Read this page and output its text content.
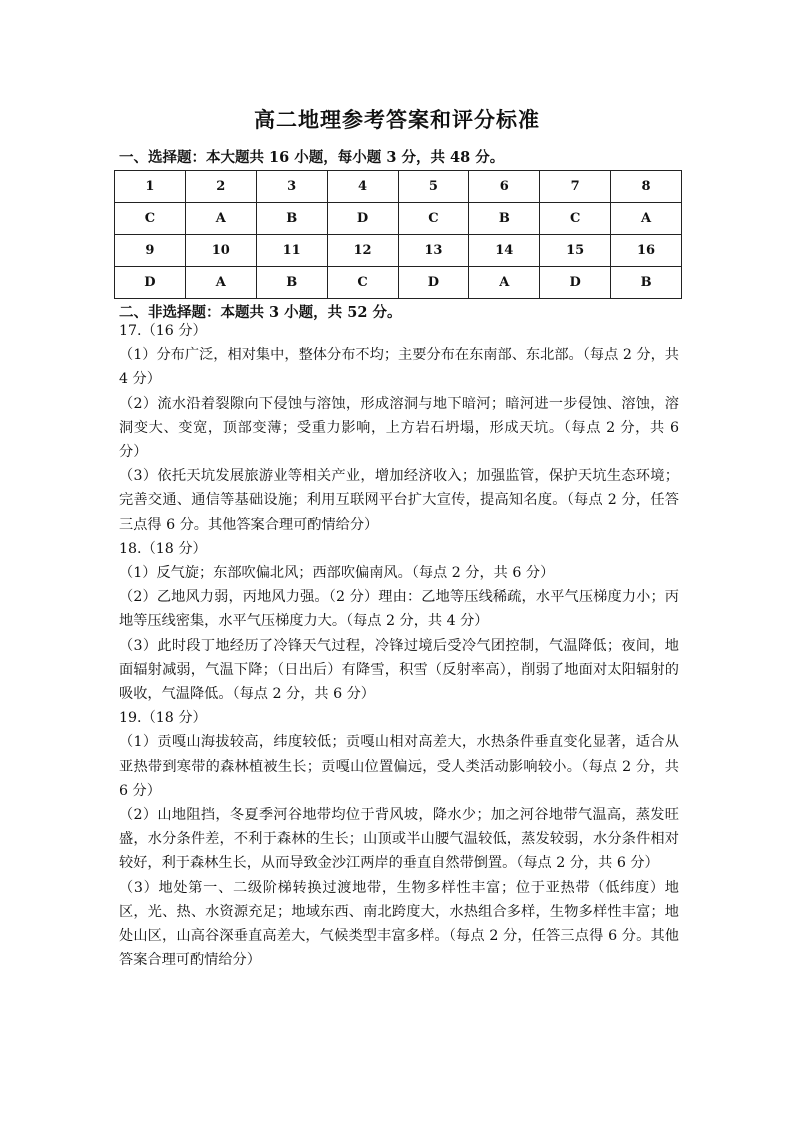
高二地理参考答案和评分标准
一、选择题：本大题共 16 小题，每小题 3 分，共 48 分。
1	2	3	4	5	6	7	8
C	A	B	D	C	B	C	A
9	10	11	12	13	14	15	16
D	A	B	C	D	A	D	B
二、非选择题：本题共 3 小题，共 52 分。

17.（16 分）

（1）分布广泛，相对集中，整体分布不均；主要分布在东南部、东北部。（每点 2 分，共 4 分）

（2）流水沿着裂隙向下侵蚀与溶蚀，形成溶洞与地下暗河；暗河进一步侵蚀、溶蚀，溶洞变大、变宽，顶部变薄；受重力影响，上方岩石坍塌，形成天坑。（每点 2 分，共 6 分）

（3）依托天坑发展旅游业等相关产业，增加经济收入；加强监管，保护天坑生态环境；完善交通、通信等基础设施；利用互联网平台扩大宣传，提高知名度。（每点 2 分，任答三点得 6 分。其他答案合理可酌情给分）

18.（18 分）

（1）反气旋；东部吹偏北风；西部吹偏南风。（每点 2 分，共 6 分）

（2）乙地风力弱，丙地风力强。（2 分）理由：乙地等压线稀疏，水平气压梯度力小；丙地等压线密集，水平气压梯度力大。（每点 2 分，共 4 分）

（3）此时段丁地经历了冷锋天气过程，冷锋过境后受冷气团控制，气温降低；夜间，地面辐射减弱，气温下降；（日出后）有降雪，积雪（反射率高），削弱了地面对太阳辐射的吸收，气温降低。（每点 2 分，共 6 分）

19.（18 分）

（1）贡嘎山海拔较高，纬度较低；贡嘎山相对高差大，水热条件垂直变化显著，适合从亚热带到寒带的森林植被生长；贡嘎山位置偏远，受人类活动影响较小。（每点 2 分，共 6 分）

（2）山地阻挡，冬夏季河谷地带均位于背风坡，降水少；加之河谷地带气温高，蒸发旺盛，水分条件差，不利于森林的生长；山顶或半山腰气温较低，蒸发较弱，水分条件相对较好，利于森林生长，从而导致金沙江两岸的垂直自然带倒置。（每点 2 分，共 6 分）

（3）地处第一、二级阶梯转换过渡地带，生物多样性丰富；位于亚热带（低纬度）地区，光、热、水资源充足；地域东西、南北跨度大，水热组合多样，生物多样性丰富；地处山区，山高谷深垂直高差大，气候类型丰富多样。（每点 2 分，任答三点得 6 分。其他答案合理可酌情给分）
